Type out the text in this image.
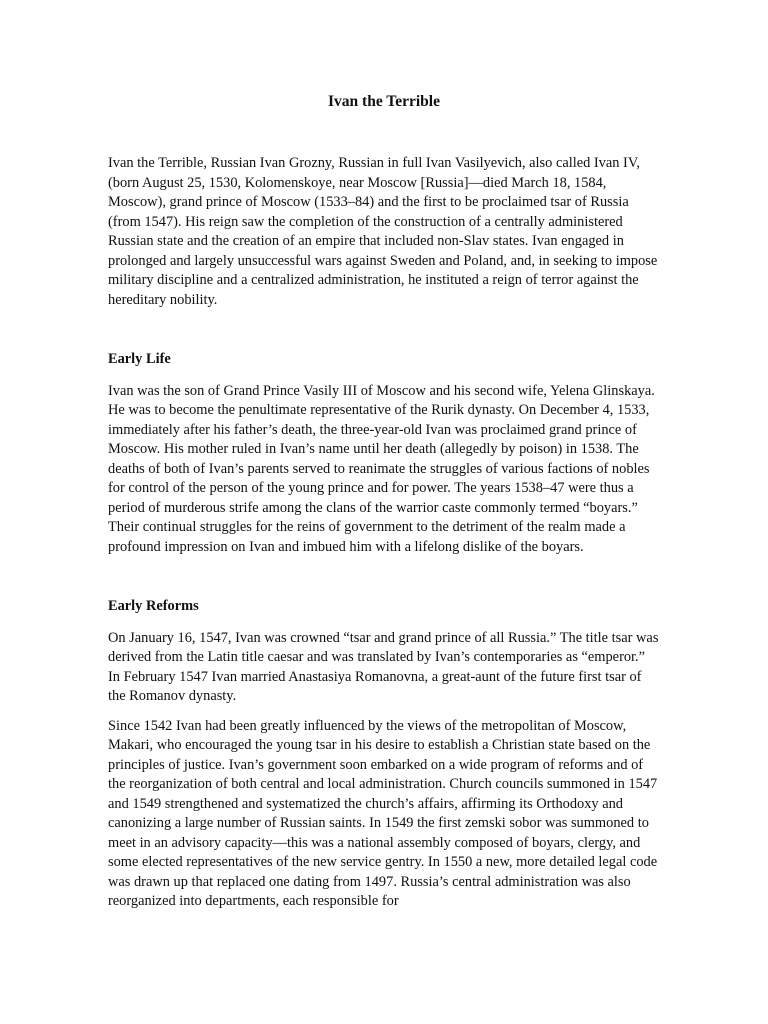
Ivan the Terrible

Ivan the Terrible, Russian Ivan Grozny, Russian in full Ivan Vasilyevich, also called Ivan IV, (born August 25, 1530, Kolomenskoye, near Moscow [Russia]—died March 18, 1584, Moscow), grand prince of Moscow (1533–84) and the first to be proclaimed tsar of Russia (from 1547). His reign saw the completion of the construction of a centrally administered Russian state and the creation of an empire that included non-Slav states. Ivan engaged in prolonged and largely unsuccessful wars against Sweden and Poland, and, in seeking to impose military discipline and a centralized administration, he instituted a reign of terror against the hereditary nobility.

Early Life

Ivan was the son of Grand Prince Vasily III of Moscow and his second wife, Yelena Glinskaya. He was to become the penultimate representative of the Rurik dynasty. On December 4, 1533, immediately after his father’s death, the three-year-old Ivan was proclaimed grand prince of Moscow. His mother ruled in Ivan’s name until her death (allegedly by poison) in 1538. The deaths of both of Ivan’s parents served to reanimate the struggles of various factions of nobles for control of the person of the young prince and for power. The years 1538–47 were thus a period of murderous strife among the clans of the warrior caste commonly termed “boyars.” Their continual struggles for the reins of government to the detriment of the realm made a profound impression on Ivan and imbued him with a lifelong dislike of the boyars.

Early Reforms

On January 16, 1547, Ivan was crowned “tsar and grand prince of all Russia.” The title tsar was derived from the Latin title caesar and was translated by Ivan’s contemporaries as “emperor.” In February 1547 Ivan married Anastasiya Romanovna, a great-aunt of the future first tsar of the Romanov dynasty.

Since 1542 Ivan had been greatly influenced by the views of the metropolitan of Moscow, Makari, who encouraged the young tsar in his desire to establish a Christian state based on the principles of justice. Ivan’s government soon embarked on a wide program of reforms and of the reorganization of both central and local administration. Church councils summoned in 1547 and 1549 strengthened and systematized the church’s affairs, affirming its Orthodoxy and canonizing a large number of Russian saints. In 1549 the first zemski sobor was summoned to meet in an advisory capacity—this was a national assembly composed of boyars, clergy, and some elected representatives of the new service gentry. In 1550 a new, more detailed legal code was drawn up that replaced one dating from 1497. Russia’s central administration was also reorganized into departments, each responsible for
